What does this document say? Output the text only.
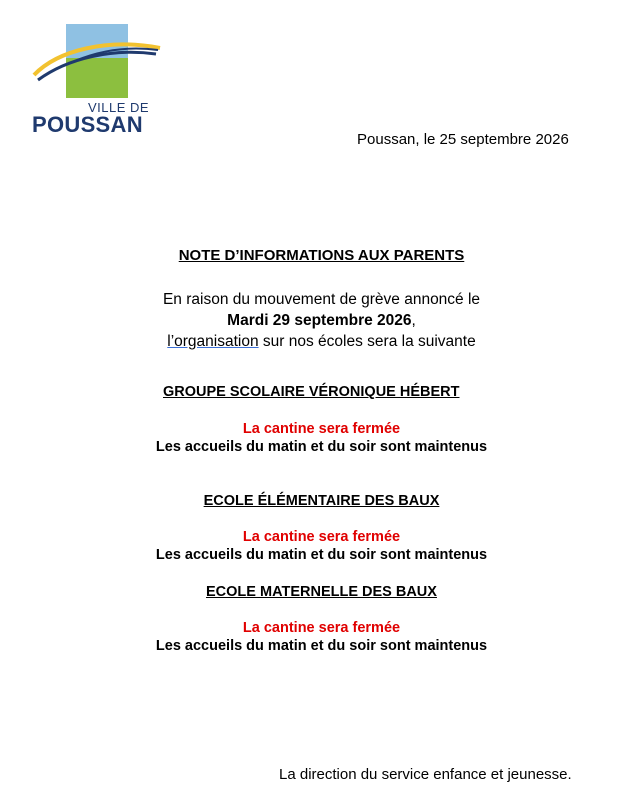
VILLE DE
POUSSAN
Poussan, le 25 septembre 2026
NOTE D’INFORMATIONS AUX PARENTS
En raison du mouvement de grève annoncé le
Mardi 29 septembre 2026,
l’organisation sur nos écoles sera la suivante
GROUPE SCOLAIRE VÉRONIQUE HÉBERT
La cantine sera fermée
Les accueils du matin et du soir sont maintenus
ECOLE ÉLÉMENTAIRE DES BAUX
La cantine sera fermée
Les accueils du matin et du soir sont maintenus
ECOLE MATERNELLE DES BAUX
La cantine sera fermée
Les accueils du matin et du soir sont maintenus
La direction du service enfance et jeunesse.
